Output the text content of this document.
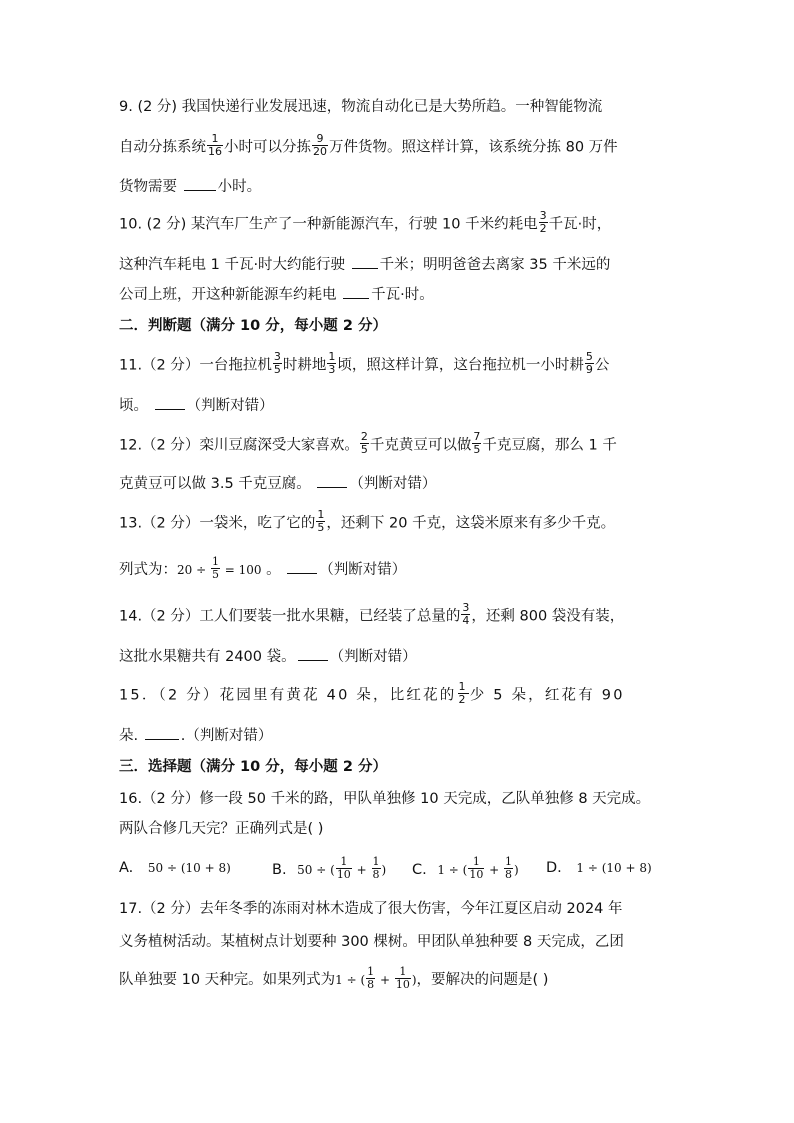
9. (2 分) 我国快递行业发展迅速，物流自动化已是大势所趋。一种智能物流
自动分拣系统 $\frac{1}{16}$ 小时可以分拣 $\frac{9}{20}$ 万件货物。照这样计算，该系统分拣 80 万件
货物需要 小时。
10. (2 分) 某汽车厂生产了一种新能源汽车，行驶 10 千米约耗电 $\frac{3}{2}$ 千瓦·时，
这种汽车耗电 1 千瓦·时大约能行驶 千米；明明爸爸去离家 35 千米远的
公司上班，开这种新能源车约耗电 千瓦·时。
二．判断题（满分 10 分，每小题 2 分）
11.（2 分）一台拖拉机 $\frac{3}{5}$ 时耕地 $\frac{1}{3}$ 顷，照这样计算，这台拖拉机一小时耕 $\frac{5}{9}$ 公
顷。 （判断对错）
12.（2 分）栾川豆腐深受大家喜欢。 $\frac{2}{5}$ 千克黄豆可以做 $\frac{7}{5}$ 千克豆腐，那么 1 千
克黄豆可以做 3.5 千克豆腐。 （判断对错）
13.（2 分）一袋米，吃了它的 $\frac{1}{5}$ ，还剩下 20 千克，这袋米原来有多少千克。
列式为：$20 \div \frac{1}{5} = 100$ 。 （判断对错）
14.（2 分）工人们要装一批水果糖，已经装了总量的 $\frac{3}{4}$ ，还剩 800 袋没有装，
这批水果糖共有 2400 袋。 （判断对错）
15．（2 分）花园里有黄花 40 朵，比红花的 $\frac{1}{2}$ 少 5 朵，红花有 90
朵.	.（判断对错）
三．选择题（满分 10 分，每小题 2 分）
16.（2 分）修一段 50 千米的路，甲队单独修 10 天完成，乙队单独修 8 天完成。
两队合修几天完？正确列式是( )
A. 50 ÷ (10 + 8)	B. 50 ÷ ( $\frac{1}{10} + \frac{1}{8}$ ) C. 1 ÷ ( $\frac{1}{10} + \frac{1}{8}$ ) D. 1 ÷ (10 + 8)
17.（2 分）去年冬季的冻雨对林木造成了很大伤害，今年江夏区启动 2024 年
义务植树活动。某植树点计划要种 300 棵树。甲团队单独种要 8 天完成，乙团
队单独要 10 天种完。如果列式为1 ÷ ( $\frac{1}{8} + \frac{1}{10}$ )，要解决的问题是( )
